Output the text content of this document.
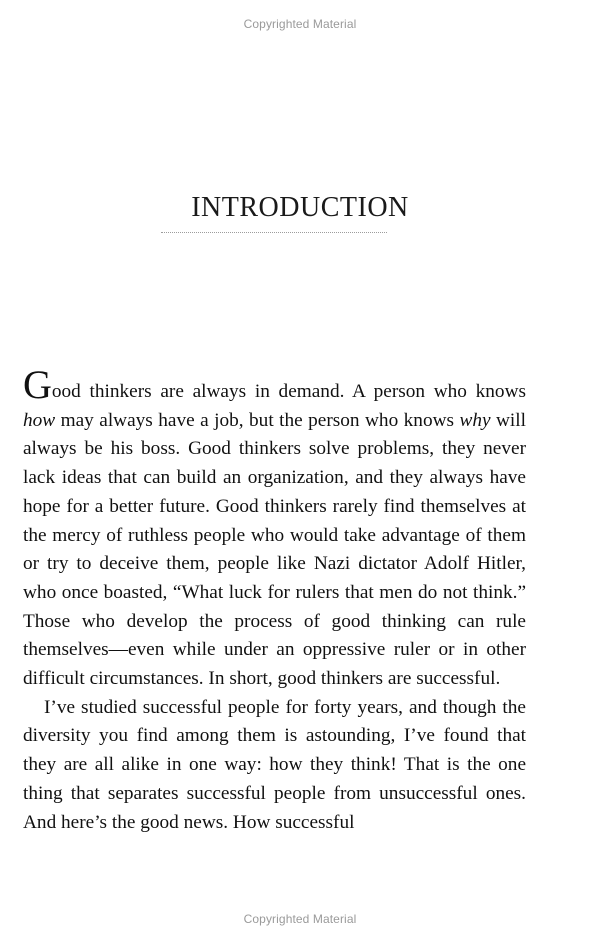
Copyrighted Material
INTRODUCTION

Good thinkers are always in demand. A person who knows how may always have a job, but the person who knows why will always be his boss. Good thinkers solve problems, they never lack ideas that can build an organization, and they always have hope for a better future. Good thinkers rarely find themselves at the mercy of ruthless people who would take advantage of them or try to deceive them, people like Nazi dictator Adolf Hitler, who once boasted, “What luck for rulers that men do not think.” Those who develop the process of good thinking can rule themselves—even while under an oppressive ruler or in other difficult circumstances. In short, good thinkers are successful.

I’ve studied successful people for forty years, and though the diversity you find among them is astounding, I’ve found that they are all alike in one way: how they think! That is the one thing that separates successful people from unsuccessful ones. And here’s the good news. How successful

Copyrighted Material
